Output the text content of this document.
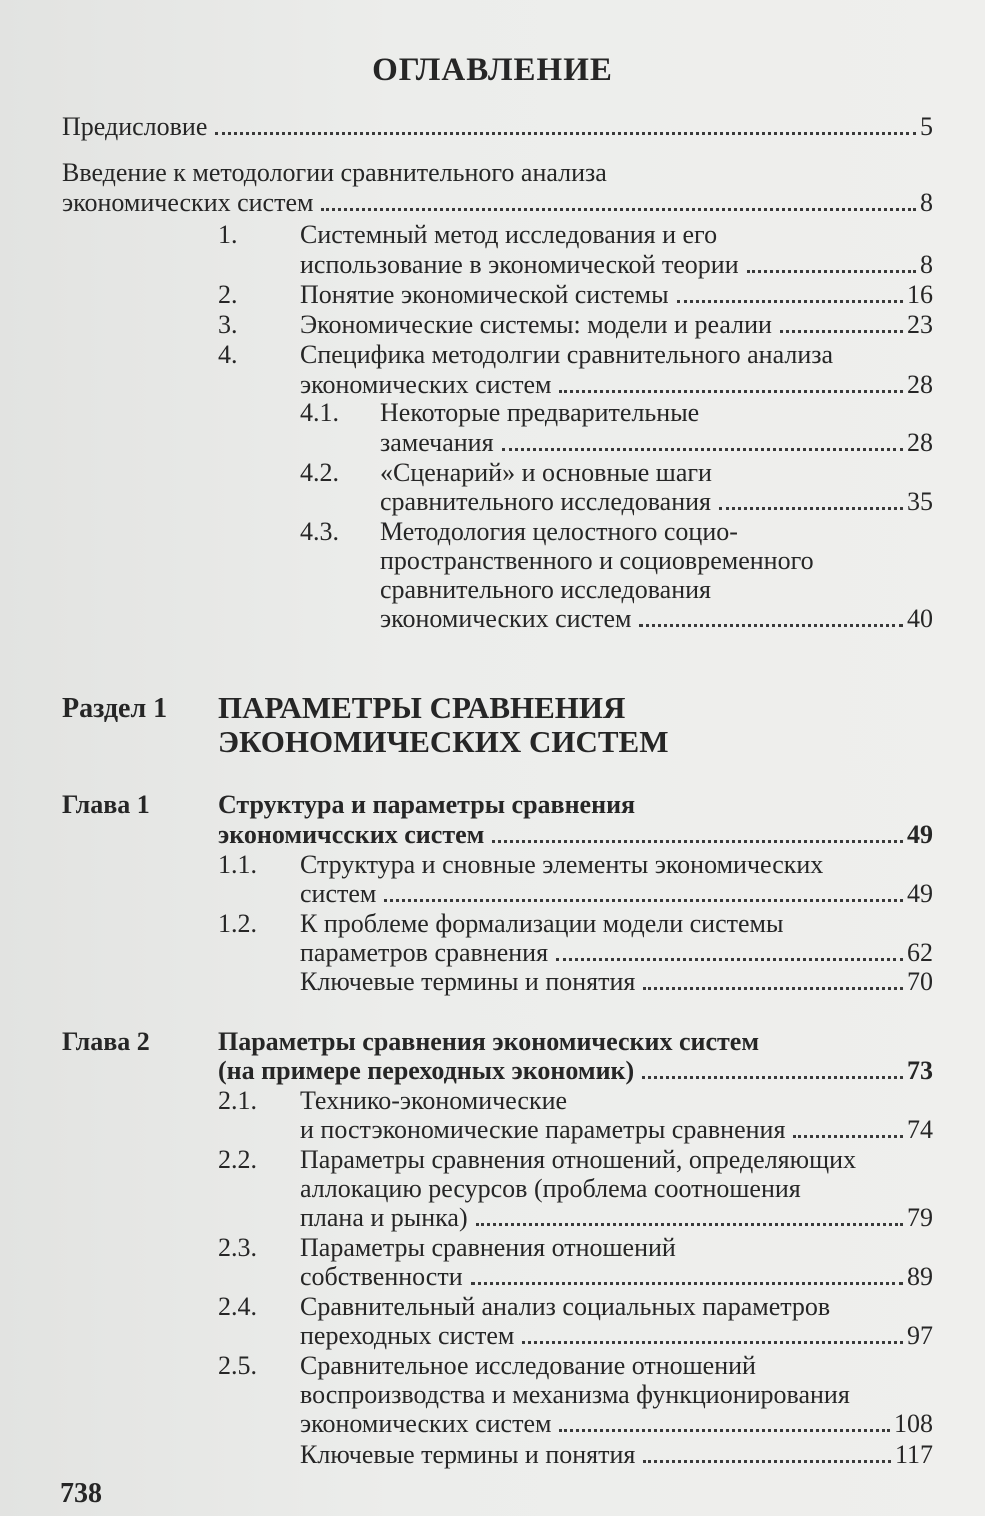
ОГЛАВЛЕНИЕ
Предисловие	5
Введение к методологии сравнительного анализа
экономических систем	8
1. Системный метод исследования и его
использование в экономической теории	8
2. Понятие экономической системы	16
3. Экономические системы: модели и реалии	23
4. Специфика методолгии сравнительного анализа
экономических систем	28
4.1. Некоторые предварительные
замечания	28
4.2. «Сценарий» и основные шаги
сравнительного исследования	35
4.3. Методология целостного социо-
пространственного и социовременного
сравнительного исследования
экономических систем	40
Раздел 1 ПАРАМЕТРЫ СРАВНЕНИЯ
ЭКОНОМИЧЕСКИХ СИСТЕМ
Глава 1	Структура и параметры сравнения
экономичсских систем	49
1.1. Структура и сновные элементы экономических
систем	49
1.2. К проблеме формализации модели системы
параметров сравнения	62
Ключевые термины и понятия	70
Глава 2	Параметры сравнения экономических систем
(на примере переходных экономик)	73
2.1. Технико-экономические
и постэкономические параметры сравнения	74
2.2. Параметры сравнения отношений, определяющих
аллокацию ресурсов (проблема соотношения
плана и рынка)	79
2.3. Параметры сравнения отношений
собственности	89
2.4. Сравнительный анализ социальных параметров
переходных систем	97
2.5. Сравнительное исследование отношений
воспроизводства и механизма функционирования
экономических систем	108
Ключевые термины и понятия	117
738
